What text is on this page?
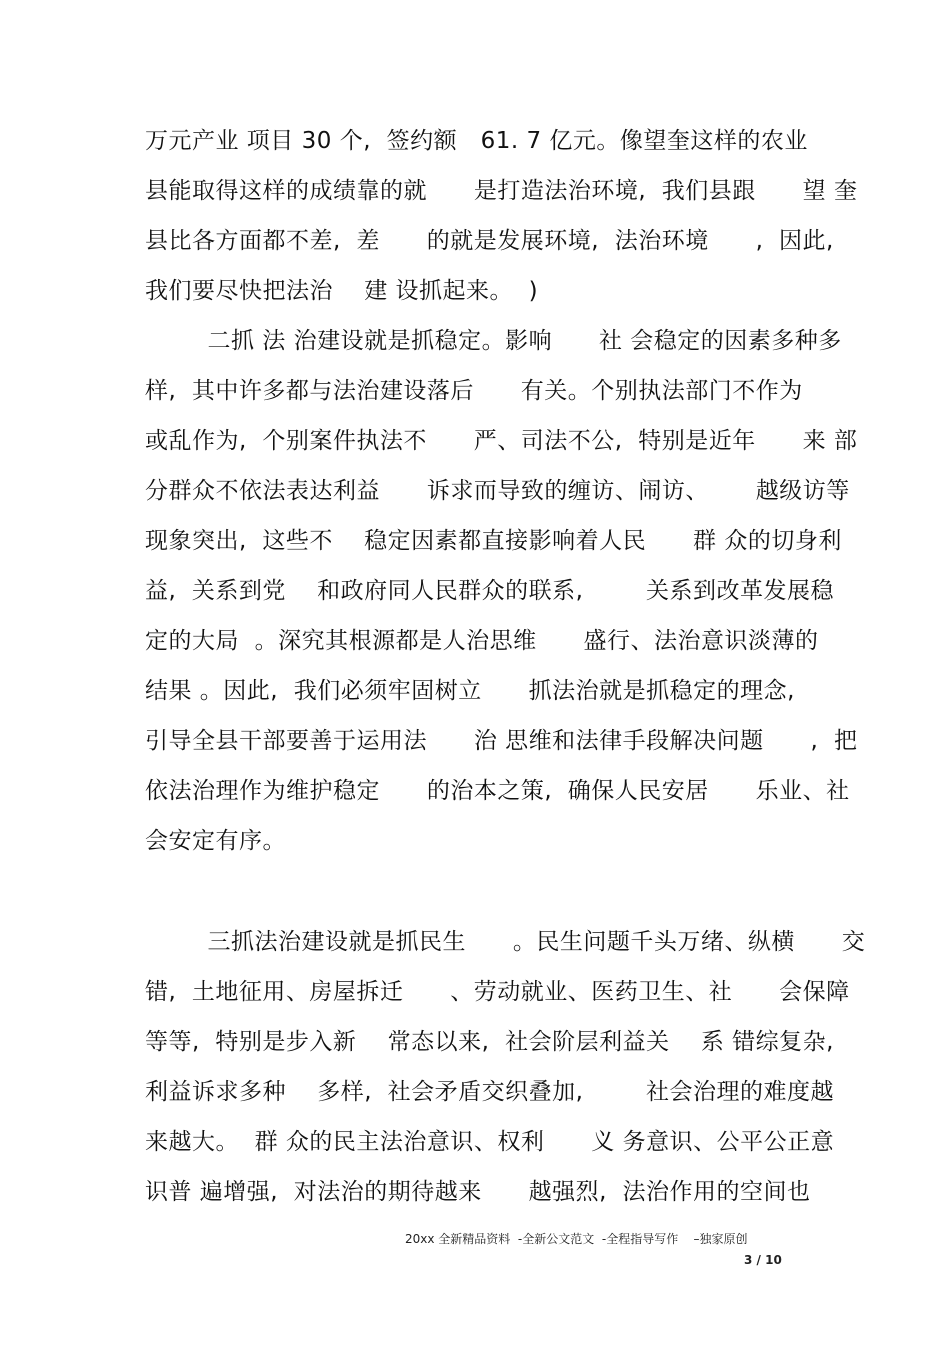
万元产业 项目 30 个,  签约额   61. 7 亿元。像望奎这样的农业
县能取得这样的成绩靠的就      是打造法治环境,  我们县跟      望 奎
县比各方面都不差,  差      的就是发展环境,  法治环境      ,  因此,
我们要尽快把法治    建 设抓起来。  )
二抓 法 治建设就是抓稳定。影响      社 会稳定的因素多种多
样,  其中许多都与法治建设落后      有关。个别执法部门不作为
或乱作为,  个别案件执法不      严、司法不公,  特别是近年      来 部
分群众不依法表达利益      诉求而导致的缠访、闹访、      越级访等
现象突出,  这些不    稳定因素都直接影响着人民      群 众的切身利
益,  关系到党    和政府同人民群众的联系,        关系到改革发展稳
定的大局  。深究其根源都是人治思维      盛行、法治意识淡薄的
结果 。因此,  我们必须牢固树立      抓法治就是抓稳定的理念,
引导全县干部要善于运用法      治 思维和法律手段解决问题      ,  把
依法治理作为维护稳定      的治本之策,  确保人民安居      乐业、社
会安定有序。
三抓法治建设就是抓民生      。民生问题千头万绪、纵横      交
错,  土地征用、房屋拆迁      、劳动就业、医药卫生、社      会保障
等等,  特别是步入新    常态以来,  社会阶层利益关    系 错综复杂,
利益诉求多种    多样,  社会矛盾交织叠加,        社会治理的难度越
来越大。  群 众的民主法治意识、权利      义 务意识、公平公正意
识普 遍增强,  对法治的期待越来      越强烈,  法治作用的空间也
20xx 全新精品资料  -全新公文范文  -全程指导写作    –独家原创
3 / 10
